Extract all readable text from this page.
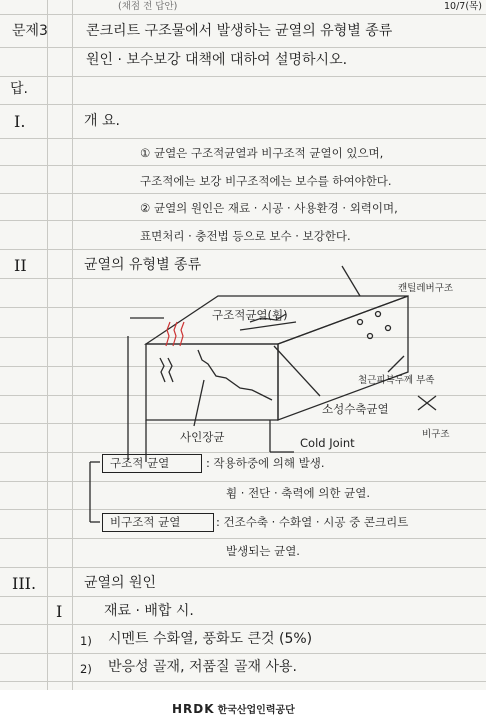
(채점 전 답안)	10/7(목)
문제3	콘크리트 구조물에서 발생하는 균열의 유형별 종류
원인 · 보수보강 대책에 대하여 설명하시오.
답.
I.	개 요.
① 균열은 구조적균열과 비구조적 균열이 있으며,
구조적에는 보강 비구조적에는 보수를 하여야한다.
② 균열의 원인은 재료 · 시공 · 사용환경 · 외력이며,
표면처리 · 충전법 등으로 보수 · 보강한다.
II	균열의 유형별 종류
캔틸레버구조
구조적균열(휨)
철근피복두께 부족
소성수축균열
Cold Joint
비구조
사인장균
구조적 균열	: 작용하중에 의해 발생.
휨 · 전단 · 축력에 의한 균열.
비구조적 균열	: 건조수축 · 수화열 · 시공 중 콘크리트
발생되는 균열.
III.	균열의 원인
I	재료 · 배합 시.
1) 시멘트 수화열, 풍화도 큰것 (5%)
2) 반응성 골재, 저품질 골재 사용.
HRDK 한국산업인력공단
